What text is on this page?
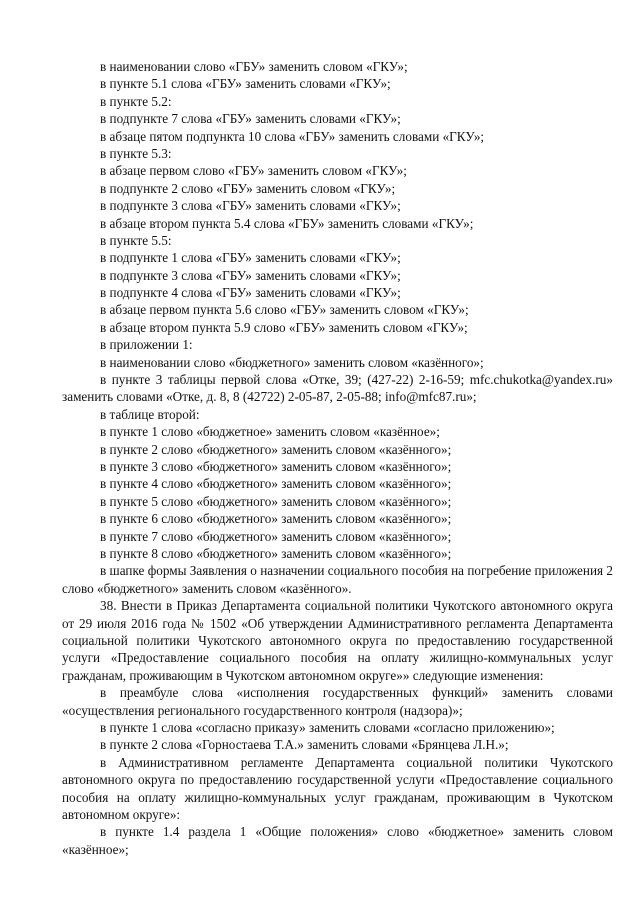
в наименовании слово «ГБУ» заменить словом «ГКУ»;
в пункте 5.1 слова «ГБУ» заменить словами «ГКУ»;
в пункте 5.2:
в подпункте 7 слова «ГБУ» заменить словами «ГКУ»;
в абзаце пятом подпункта 10 слова «ГБУ» заменить словами «ГКУ»;
в пункте 5.3:
в абзаце первом слово «ГБУ» заменить словом «ГКУ»;
в подпункте 2 слово «ГБУ» заменить словом «ГКУ»;
в подпункте 3 слова «ГБУ» заменить словами «ГКУ»;
в абзаце втором пункта 5.4 слова «ГБУ» заменить словами «ГКУ»;
в пункте 5.5:
в подпункте 1 слова «ГБУ» заменить словами «ГКУ»;
в подпункте 3 слова «ГБУ» заменить словами «ГКУ»;
в подпункте 4 слова «ГБУ» заменить словами «ГКУ»;
в абзаце первом пункта 5.6 слово «ГБУ» заменить словом «ГКУ»;
в абзаце втором пункта 5.9 слово «ГБУ» заменить словом «ГКУ»;
в приложении 1:
в наименовании слово «бюджетного» заменить словом «казённого»;
в пункте 3 таблицы первой слова «Отке, 39; (427-22) 2-16-59; mfc.chukotka@yandex.ru» заменить словами «Отке, д. 8, 8 (42722) 2-05-87, 2-05-88; info@mfc87.ru»;
в таблице второй:
в пункте 1 слово «бюджетное» заменить словом «казённое»;
в пункте 2 слово «бюджетного» заменить словом «казённого»;
в пункте 3 слово «бюджетного» заменить словом «казённого»;
в пункте 4 слово «бюджетного» заменить словом «казённого»;
в пункте 5 слово «бюджетного» заменить словом «казённого»;
в пункте 6 слово «бюджетного» заменить словом «казённого»;
в пункте 7 слово «бюджетного» заменить словом «казённого»;
в пункте 8 слово «бюджетного» заменить словом «казённого»;
в шапке формы Заявления о назначении социального пособия на погребение приложения 2 слово «бюджетного» заменить словом «казённого».
38. Внести в Приказ Департамента социальной политики Чукотского автономного округа от 29 июля 2016 года № 1502 «Об утверждении Административного регламента Департамента социальной политики Чукотского автономного округа по предоставлению государственной услуги «Предоставление социального пособия на оплату жилищно-коммунальных услуг гражданам, проживающим в Чукотском автономном округе»» следующие изменения:
в преамбуле слова «исполнения государственных функций» заменить словами «осуществления регионального государственного контроля (надзора)»;
в пункте 1 слова «согласно приказу» заменить словами «согласно приложению»;
в пункте 2 слова «Горностаева Т.А.» заменить словами «Брянцева Л.Н.»;
в Административном регламенте Департамента социальной политики Чукотского автономного округа по предоставлению государственной услуги «Предоставление социального пособия на оплату жилищно-коммунальных услуг гражданам, проживающим в Чукотском автономном округе»:
в пункте 1.4 раздела 1 «Общие положения» слово «бюджетное» заменить словом «казённое»;
